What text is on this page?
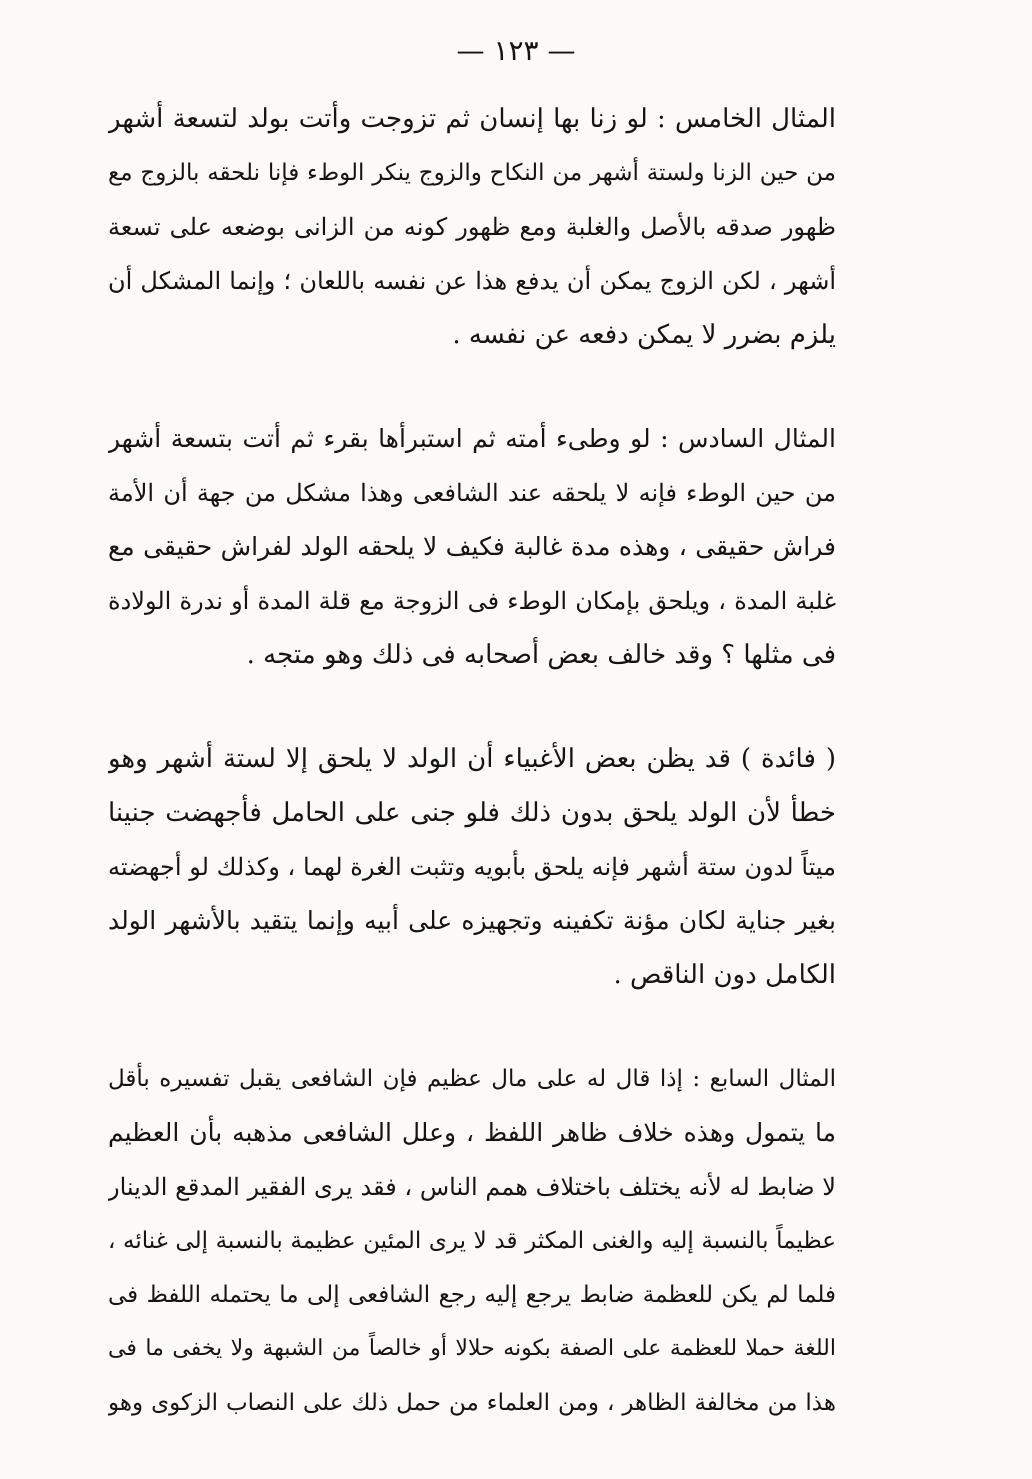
— ١٢٣ —
المثال الخامس : لو زنا بها إنسان ثم تزوجت وأتت بولد لتسعة أشهر
من حين الزنا ولستة أشهر من النكاح والزوج ينكر الوطء فإنا نلحقه بالزوج مع
ظهور صدقه بالأصل والغلبة ومع ظهور كونه من الزانى بوضعه على تسعة
أشهر ، لكن الزوج يمكن أن يدفع هذا عن نفسه باللعان ؛ وإنما المشكل أن
يلزم بضرر لا يمكن دفعه عن نفسه .
المثال السادس : لو وطىء أمته ثم استبرأها بقرء ثم أتت بتسعة أشهر
من حين الوطء فإنه لا يلحقه عند الشافعى وهذا مشكل من جهة أن الأمة
فراش حقيقى ، وهذه مدة غالبة فكيف لا يلحقه الولد لفراش حقيقى مع
غلبة المدة ، ويلحق بإمكان الوطء فى الزوجة مع قلة المدة أو ندرة الولادة
فى مثلها ؟ وقد خالف بعض أصحابه فى ذلك وهو متجه .
( فائدة ) قد يظن بعض الأغبياء أن الولد لا يلحق إلا لستة أشهر وهو
خطأ لأن الولد يلحق بدون ذلك فلو جنى على الحامل فأجهضت جنينا
ميتاً لدون ستة أشهر فإنه يلحق بأبويه وتثبت الغرة لهما ، وكذلك لو أجهضته
بغير جناية لكان مؤنة تكفينه وتجهيزه على أبيه وإنما يتقيد بالأشهر الولد
الكامل دون الناقص .
المثال السابع : إذا قال له على مال عظيم فإن الشافعى يقبل تفسيره بأقل
ما يتمول وهذه خلاف ظاهر اللفظ ، وعلل الشافعى مذهبه بأن العظيم
لا ضابط له لأنه يختلف باختلاف همم الناس ، فقد يرى الفقير المدقع الدينار
عظيماً بالنسبة إليه والغنى المكثر قد لا يرى المئين عظيمة بالنسبة إلى غنائه ،
فلما لم يكن للعظمة ضابط يرجع إليه رجع الشافعى إلى ما يحتمله اللفظ فى
اللغة حملا للعظمة على الصفة بكونه حلالا أو خالصاً من الشبهة ولا يخفى ما فى
هذا من مخالفة الظاهر ، ومن العلماء من حمل ذلك على النصاب الزكوى وهو
